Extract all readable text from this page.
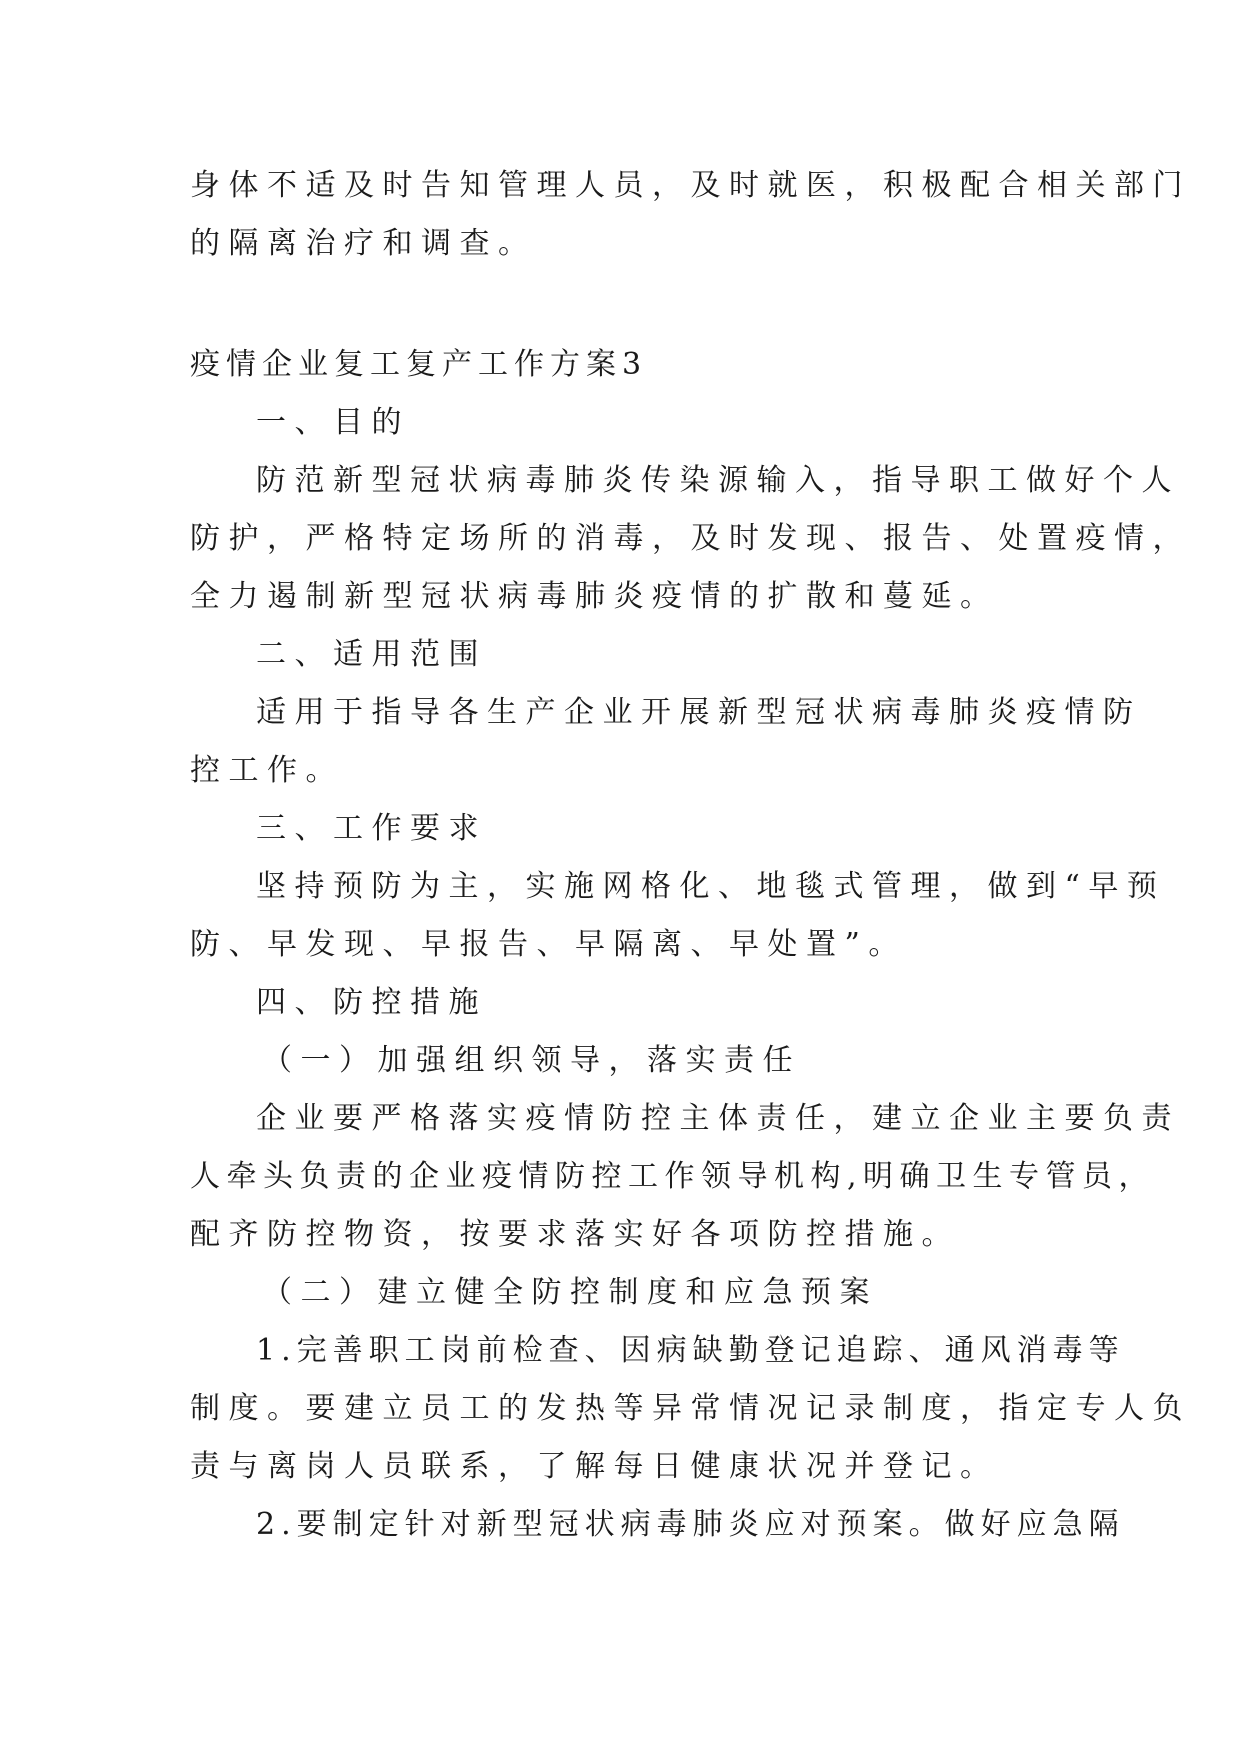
身体不适及时告知管理人员，及时就医，积极配合相关部门
的隔离治疗和调查。
疫情企业复工复产工作方案3
一、目的
防范新型冠状病毒肺炎传染源输入，指导职工做好个人
防护，严格特定场所的消毒，及时发现、报告、处置疫情，
全力遏制新型冠状病毒肺炎疫情的扩散和蔓延。
二、适用范围
适用于指导各生产企业开展新型冠状病毒肺炎疫情防
控工作。
三、工作要求
坚持预防为主，实施网格化、地毯式管理，做到“早预
防、早发现、早报告、早隔离、早处置”。
四、防控措施
（一）加强组织领导，落实责任
企业要严格落实疫情防控主体责任，建立企业主要负责
人牵头负责的企业疫情防控工作领导机构,明确卫生专管员，
配齐防控物资，按要求落实好各项防控措施。
（二）建立健全防控制度和应急预案
1.完善职工岗前检查、因病缺勤登记追踪、通风消毒等
制度。要建立员工的发热等异常情况记录制度，指定专人负
责与离岗人员联系，了解每日健康状况并登记。
2.要制定针对新型冠状病毒肺炎应对预案。做好应急隔
